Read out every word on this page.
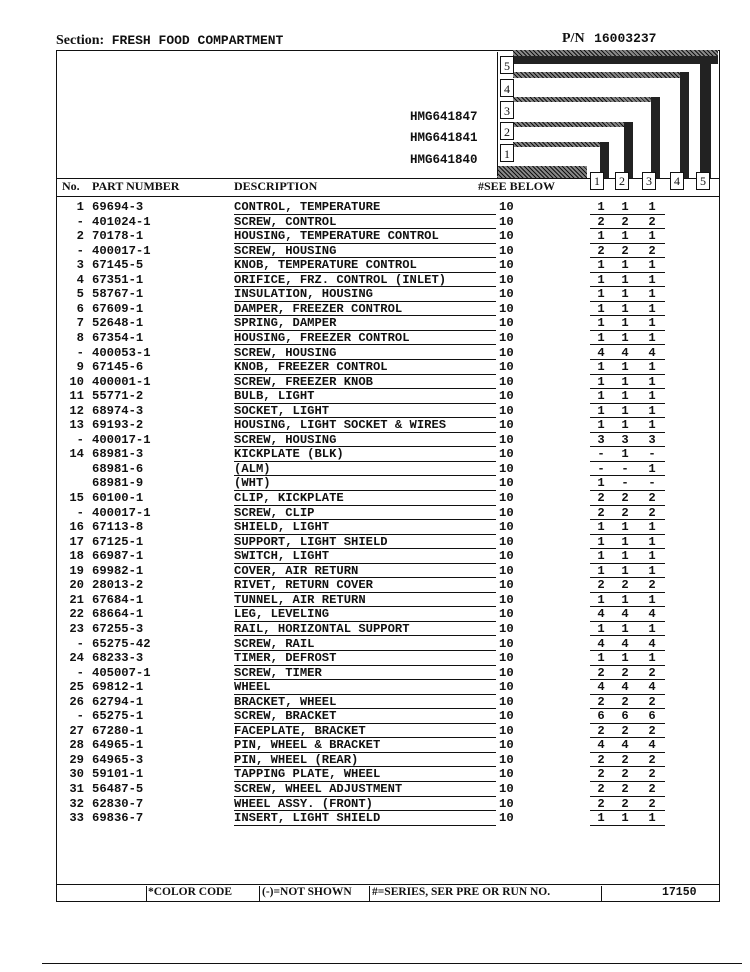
Section: FRESH FOOD COMPARTMENT	P/N 16003237
5
4
3
2
1
HMG641847
HMG641841
HMG641840
No. PART NUMBER	DESCRIPTION	#SEE BELOW	1	2	3	4	5
1 69694-3	CONTROL, TEMPERATURE	10	1 1 1
- 401024-1	SCREW, CONTROL	10	2 2 2
2 70178-1	HOUSING, TEMPERATURE CONTROL	10	1 1 1
- 400017-1	SCREW, HOUSING	10	2 2 2
3 67145-5	KNOB, TEMPERATURE CONTROL	10	1 1 1
4 67351-1	ORIFICE, FRZ. CONTROL (INLET)	10	1 1 1
5 58767-1	INSULATION, HOUSING	10	1 1 1
6 67609-1	DAMPER, FREEZER CONTROL	10	1 1 1
7 52648-1	SPRING, DAMPER	10	1 1 1
8 67354-1	HOUSING, FREEZER CONTROL	10	1 1 1
- 400053-1	SCREW, HOUSING	10	4 4 4
9 67145-6	KNOB, FREEZER CONTROL	10	1 1 1
10 400001-1	SCREW, FREEZER KNOB	10	1 1 1
11 55771-2	BULB, LIGHT	10	1 1 1
12 68974-3	SOCKET, LIGHT	10	1 1 1
13 69193-2	HOUSING, LIGHT SOCKET & WIRES	10	1 1 1
- 400017-1	SCREW, HOUSING	10	3 3 3
14 68981-3	KICKPLATE (BLK)	10	- 1 -
68981-6	(ALM)	10	- - 1
68981-9	(WHT)	10	1 - -
15 60100-1	CLIP, KICKPLATE	10	2 2 2
- 400017-1	SCREW, CLIP	10	2 2 2
16 67113-8	SHIELD, LIGHT	10	1 1 1
17 67125-1	SUPPORT, LIGHT SHIELD	10	1 1 1
18 66987-1	SWITCH, LIGHT	10	1 1 1
19 69982-1	COVER, AIR RETURN	10	1 1 1
20 28013-2	RIVET, RETURN COVER	10	2 2 2
21 67684-1	TUNNEL, AIR RETURN	10	1 1 1
22 68664-1	LEG, LEVELING	10	4 4 4
23 67255-3	RAIL, HORIZONTAL SUPPORT	10	1 1 1
- 65275-42	SCREW, RAIL	10	4 4 4
24 68233-3	TIMER, DEFROST	10	1 1 1
- 405007-1	SCREW, TIMER	10	2 2 2
25 69812-1	WHEEL	10	4 4 4
26 62794-1	BRACKET, WHEEL	10	2 2 2
- 65275-1	SCREW, BRACKET	10	6 6 6
27 67280-1	FACEPLATE, BRACKET	10	2 2 2
28 64965-1	PIN, WHEEL & BRACKET	10	4 4 4
29 64965-3	PIN, WHEEL (REAR)	10	2 2 2
30 59101-1	TAPPING PLATE, WHEEL	10	2 2 2
31 56487-5	SCREW, WHEEL ADJUSTMENT	10	2 2 2
32 62830-7	WHEEL ASSY. (FRONT)	10	2 2 2
33 69836-7	INSERT, LIGHT SHIELD	10	1 1 1
*COLOR CODE	(-)=NOT SHOWN #=SERIES, SER PRE OR RUN NO.	17150
